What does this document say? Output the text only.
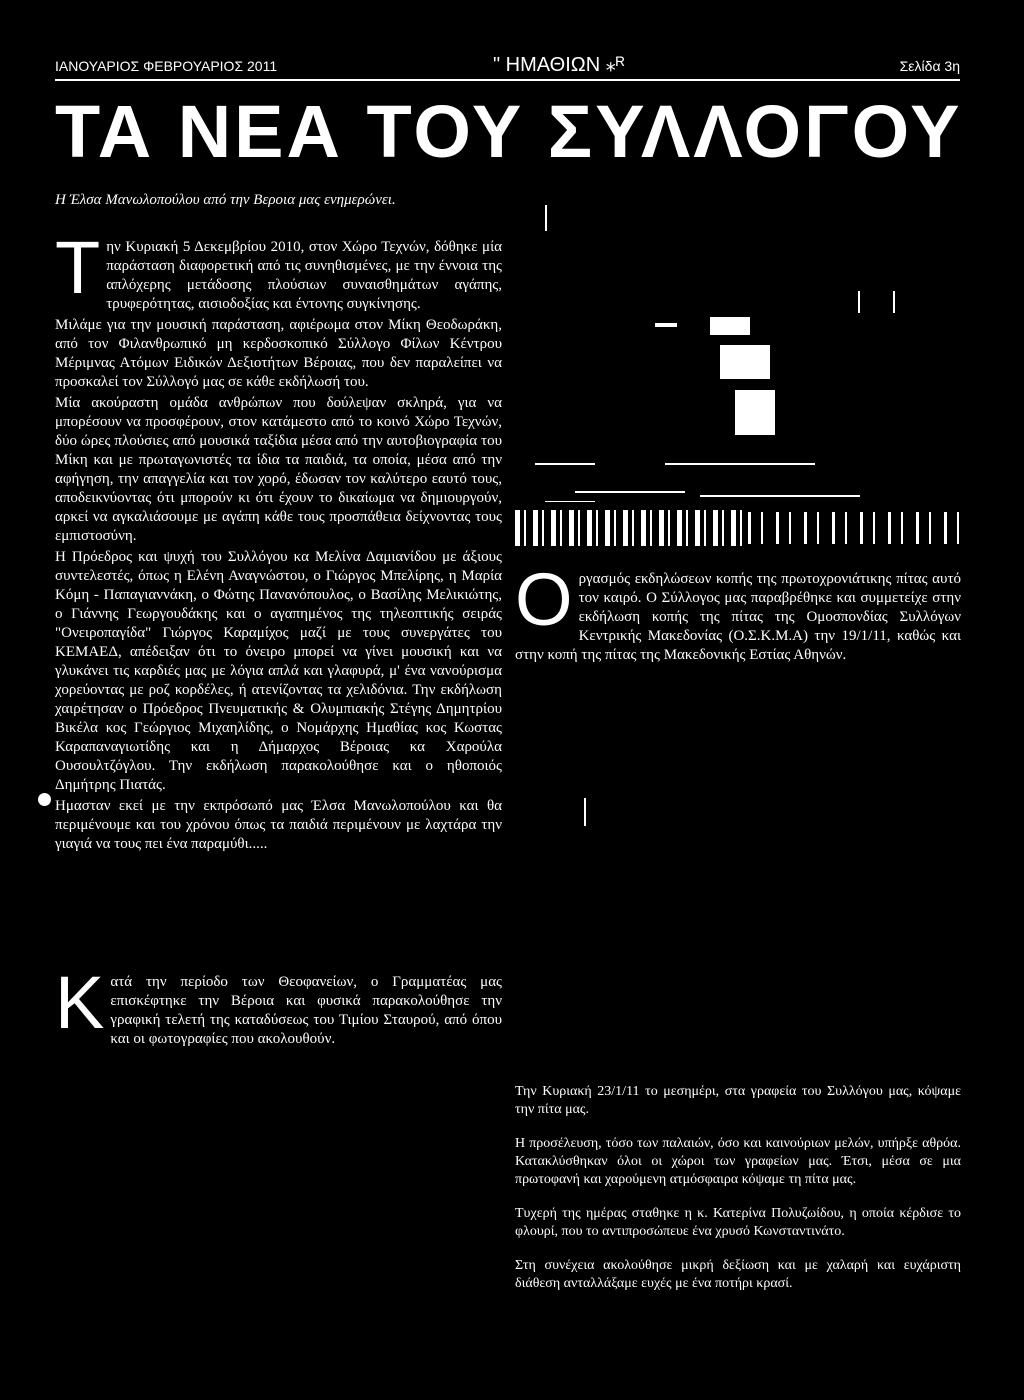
ΙΑΝΟΥΑΡΙΟΣ ΦΕΒΡΟΥΑΡΙΟΣ 2011	" ΗΜΑΘΙΩΝ ⁎ᴿ	Σελίδα 3η
ΤΑ ΝΕΑ ΤΟΥ ΣΥΛΛΟΓΟΥ
Η Έλσα Μανωλοπούλου από την Βεροια μας ενημερώνει.

Τ ην Κυριακή 5 Δεκεμβρίου 2010, στον Χώρο Τεχνών, δόθηκε μία παράσταση διαφορετική από τις συνηθισμένες, με την έννοια της απλόχερης μετάδοσης πλούσιων συναισθημάτων αγάπης, τρυφερότητας, αισιοδοξίας και έντονης συγκίνησης.

Μιλάμε για την μουσική παράσταση, αφιέρωμα στον Μίκη Θεοδωράκη, από τον Φιλανθρωπικό μη κερδοσκοπικό Σύλλογο Φίλων Κέντρου Μέριμνας Ατόμων Ειδικών Δεξιοτήτων Βέροιας, που δεν παραλείπει να προσκαλεί τον Σύλλογό μας σε κάθε εκδήλωσή του.

Μία ακούραστη ομάδα ανθρώπων που δούλεψαν σκληρά, για να μπορέσουν να προσφέρουν, στον κατάμεστο από το κοινό Χώρο Τεχνών, δύο ώρες πλούσιες από μουσικά ταξίδια μέσα από την αυτοβιογραφία του Μίκη και με πρωταγωνιστές τα ίδια τα παιδιά, τα οποία, μέσα από την αφήγηση, την απαγγελία και τον χορό, έδωσαν τον καλύτερο εαυτό τους, αποδεικνύοντας ότι μπορούν κι ότι έχουν το δικαίωμα να δημιουργούν, αρκεί να αγκαλιάσουμε με αγάπη κάθε τους προσπάθεια δείχνοντας τους εμπιστοσύνη.

Η Πρόεδρος και ψυχή του Συλλόγου κα Μελίνα Δαμιανίδου με άξιους συντελεστές, όπως η Ελένη Αναγνώστου, ο Γιώργος Μπελίρης, η Μαρία Κόμη - Παπαγιαννάκη, ο Φώτης Πανανόπουλος, ο Βασίλης Μελικιώτης, ο Γιάννης Γεωργουδάκης και ο αγαπημένος της τηλεοπτικής σειράς "Ονειροπαγίδα" Γιώργος Καραμίχος μαζί με τους συνεργάτες του ΚΕΜΑΕΔ, απέδειξαν ότι το όνειρο μπορεί να γίνει μουσική και να γλυκάνει τις καρδιές μας με λόγια απλά και γλαφυρά, μ' ένα νανούρισμα χορεύοντας με ροζ κορδέλες, ή ατενίζοντας τα χελιδόνια. Την εκδήλωση χαιρέτησαν ο Πρόεδρος Πνευματικής & Ολυμπιακής Στέγης Δημητρίου Βικέλα κος Γεώργιος Μιχαηλίδης, ο Νομάρχης Ημαθίας κος Κωστας Καραπαναγιωτίδης και η Δήμαρχος Βέροιας κα Χαρούλα Ουσουλτζόγλου. Την εκδήλωση παρακολούθησε και ο ηθοποιός Δημήτρης Πιατάς.

Ημασταν εκεί με την εκπρόσωπό μας Έλσα Μανωλοπούλου και θα περιμένουμε και του χρόνου όπως τα παιδιά περιμένουν με λαχτάρα την γιαγιά να τους πει ένα παραμύθι.....

Ο ργασμός εκδηλώσεων κοπής της πρωτοχρονιάτικης πίτας αυτό τον καιρό. Ο Σύλλογος μας παραβρέθηκε και συμμετείχε στην εκδήλωση κοπής της πίτας της Ομοσπονδίας Συλλόγων Κεντρικής Μακεδονίας (Ο.Σ.Κ.Μ.Α) την 19/1/11, καθώς και στην κοπή της πίτας της Μακεδονικής Εστίας Αθηνών.

Κ ατά την περίοδο των Θεοφανείων, ο Γραμματέας μας επισκέφτηκε την Βέροια και φυσικά παρακολούθησε την γραφική τελετή της καταδύσεως του Τιμίου Σταυρού, από όπου και οι φωτογραφίες που ακολουθούν.

Την Κυριακή 23/1/11 το μεσημέρι, στα γραφεία του Συλλόγου μας, κόψαμε την πίτα μας.

Η προσέλευση, τόσο των παλαιών, όσο και καινούριων μελών, υπήρξε αθρόα. Κατακλύσθηκαν όλοι οι χώροι των γραφείων μας. Έτσι, μέσα σε μια πρωτοφανή και χαρούμενη ατμόσφαιρα κόψαμε τη πίτα μας.

Τυχερή της ημέρας σταθηκε η κ. Κατερίνα Πολυζωίδου, η οποία κέρδισε το φλουρί, που το αντιπροσώπευε ένα χρυσό Κωνσταντινάτο.

Στη συνέχεια ακολούθησε μικρή δεξίωση και με χαλαρή και ευχάριστη διάθεση ανταλλάξαμε ευχές με ένα ποτήρι κρασί.
